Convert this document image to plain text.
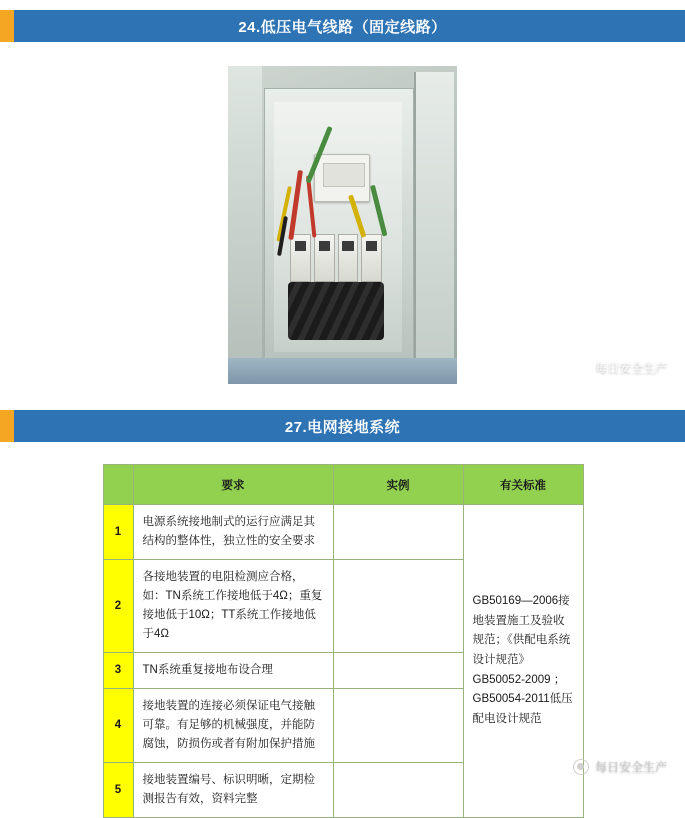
24.低压电气线路（固定线路）
每日安全生产
27.电网接地系统
	要求	实例	有关标准
1	电源系统接地制式的运行应满足其结构的整体性，独立性的安全要求		GB50169—2006接地装置施工及验收规范；《供配电系统设计规范》GB50052-2009 ；GB50054-2011低压配电设计规范
2	各接地装置的电阻检测应合格，如：TN系统工作接地低于4Ω；重复接地低于10Ω；TT系统工作接地低于4Ω		
3	TN系统重复接地布设合理		
4	接地装置的连接必须保证电气接触可靠。有足够的机械强度，并能防腐蚀，防损伤或者有附加保护措施		
5	接地装置编号、标识明晰，定期检测报告有效，资料完整		
每日安全生产
